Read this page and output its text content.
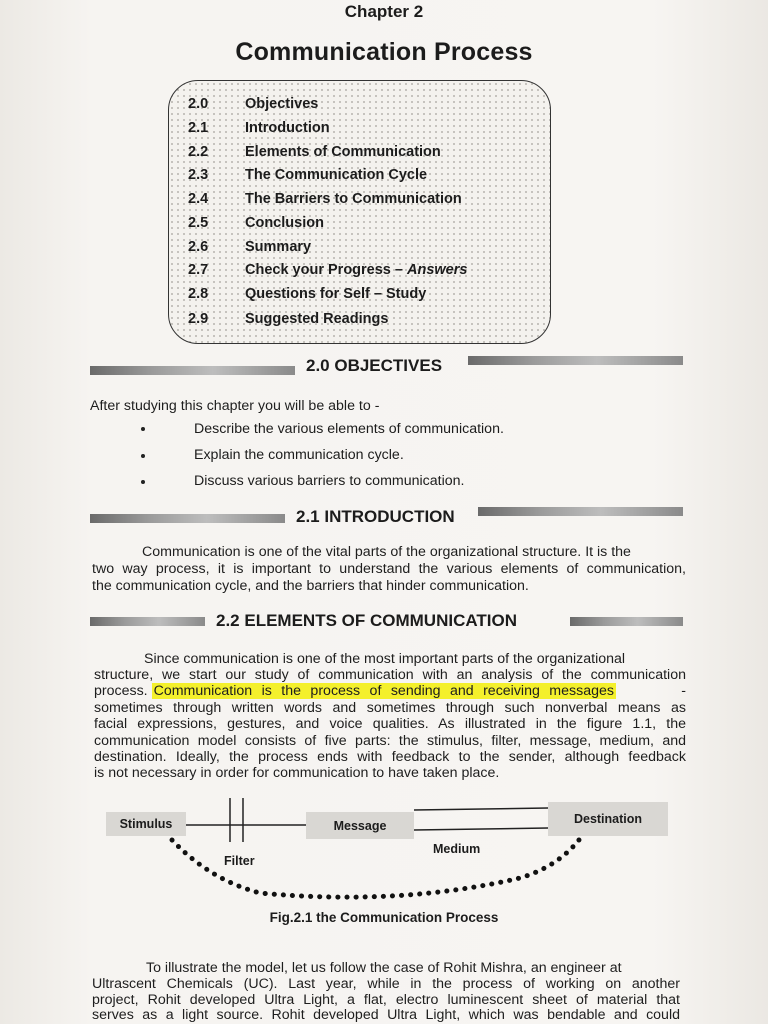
Chapter 2
Communication Process
2.0	Objectives
2.1	Introduction
2.2	Elements of Communication
2.3	The Communication Cycle
2.4	The Barriers to Communication
2.5	Conclusion
2.6	Summary
2.7	Check your Progress – Answers
2.8	Questions for Self – Study
2.9	Suggested Readings
2.0 OBJECTIVES
After studying this chapter you will be able to -
Describe the various elements of communication.
Explain the communication cycle.
Discuss various barriers to communication.
2.1 INTRODUCTION
Communication is one of the vital parts of the organizational structure. It is the
two way process, it is important to understand the various elements of communication,
the communication cycle, and the barriers that hinder communication.
2.2 ELEMENTS OF COMMUNICATION
Since communication is one of the most important parts of the organizational
structure, we start our study of communication with an analysis of the communication
process. Communication is the process of sending and receiving messages	-
sometimes through written words and sometimes through such nonverbal means as
facial expressions, gestures, and voice qualities. As illustrated in the figure 1.1, the
communication model consists of five parts: the stimulus, filter, message, medium, and
destination. Ideally, the process ends with feedback to the sender, although feedback
is not necessary in order for communication to have taken place.
Stimulus	Message	Destination
Filter
Medium
Fig.2.1 the Communication Process
To illustrate the model, let us follow the case of Rohit Mishra, an engineer at
Ultrascent Chemicals (UC). Last year, while in the process of working on another
project, Rohit developed Ultra Light, a flat, electro luminescent sheet of material that
serves as a light source. Rohit developed Ultra Light, which was bendable and could
